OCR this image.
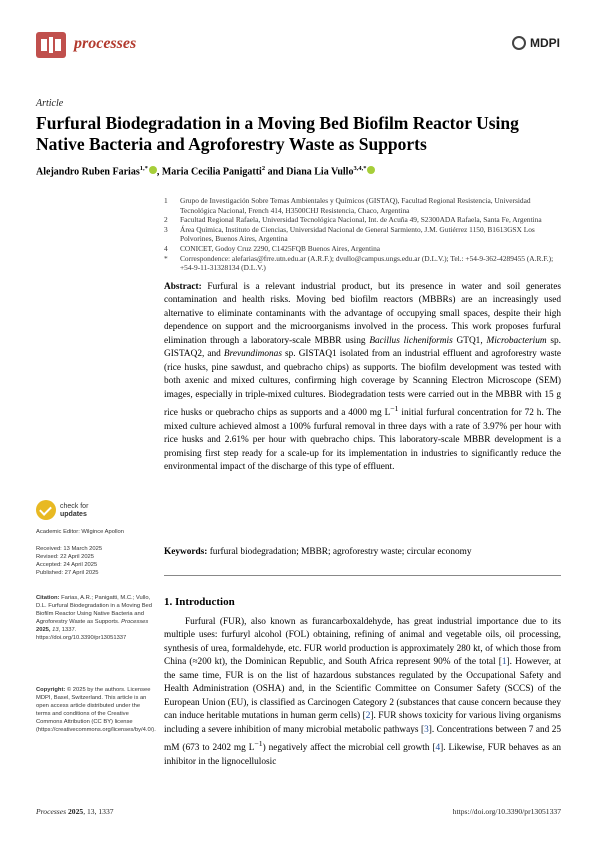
processes	MDPI
Article
Furfural Biodegradation in a Moving Bed Biofilm Reactor Using Native Bacteria and Agroforestry Waste as Supports
Alejandro Ruben Farias$^{1,*}$ , Maria Cecilia Panigatti$^2$ and Diana Lia Vullo$^{3,4,*}$
1 Grupo de Investigación Sobre Temas Ambientales y Químicos (GISTAQ), Facultad Regional Resistencia, Universidad Tecnológica Nacional, French 414, H3500CHJ Resistencia, Chaco, Argentina
2 Facultad Regional Rafaela, Universidad Tecnológica Nacional, Int. de Acuña 49, S2300ADA Rafaela, Santa Fe, Argentina
3 Área Química, Instituto de Ciencias, Universidad Nacional de General Sarmiento, J.M. Gutiérrez 1150, B1613GSX Los Polvorines, Buenos Aires, Argentina
4 CONICET, Godoy Cruz 2290, C1425FQB Buenos Aires, Argentina
* Correspondence: alefarias@frre.utn.edu.ar (A.R.F.); dvullo@campus.ungs.edu.ar (D.L.V.); Tel.: +54-9-362-4289455 (A.R.F.); +54-9-11-31328134 (D.L.V.)
Abstract: Furfural is a relevant industrial product, but its presence in water and soil generates contamination and health risks. Moving bed biofilm reactors (MBBRs) are an increasingly used alternative to eliminate contaminants with the advantage of occupying small spaces, despite their high dependence on support and the microorganisms involved in the process. This work proposes furfural elimination through a laboratory-scale MBBR using Bacillus licheniformis GTQ1, Microbacterium sp. GISTAQ2, and Brevundimonas sp. GISTAQ1 isolated from an industrial effluent and agroforestry waste (rice husks, pine sawdust, and quebracho chips) as supports. The biofilm development was tested with both axenic and mixed cultures, confirming high coverage by Scanning Electron Microscope (SEM) images, especially in triple-mixed cultures. Biodegradation tests were carried out in the MBBR with 15 g rice husks or quebracho chips as supports and a 4000 mg $L^{-1}$ initial furfural concentration for 72 h. The mixed culture achieved almost a 100% furfural removal in three days with a rate of 3.97% per hour with rice husks and 2.61% per hour with quebracho chips. This laboratory-scale MBBR development is a promising first step ready for a scale-up for its implementation in industries to significantly reduce the environmental impact of the discharge of this type of effluent.
Keywords: furfural biodegradation; MBBR; agroforestry waste; circular economy
check for
updates
Academic Editor: Wilgince Apollon
Received: 13 March 2025
Revised: 22 April 2025
Accepted: 24 April 2025
Published: 27 April 2025
Citation: Farias, A.R.; Panigatti, M.C.; Vullo, D.L. Furfural Biodegradation in a Moving Bed Biofilm Reactor Using Native Bacteria and Agroforestry Waste as Supports. Processes 2025, 13, 1337. https://doi.org/10.3390/pr13051337
Copyright: © 2025 by the authors. Licensee MDPI, Basel, Switzerland. This article is an open access article distributed under the terms and conditions of the Creative Commons Attribution (CC BY) license (https://creativecommons.org/licenses/by/4.0/).
1. Introduction

Furfural (FUR), also known as furancarboxaldehyde, has great industrial importance due to its multiple uses: furfuryl alcohol (FOL) obtaining, refining of animal and vegetable oils, oil processing, synthesis of urea, formaldehyde, etc. FUR world production is approximately 280 kt, of which those from China (≈200 kt), the Dominican Republic, and South Africa represent 90% of the total [1]. However, at the same time, FUR is on the list of hazardous substances regulated by the Occupational Safety and Health Administration (OSHA) and, in the Scientific Committee on Consumer Safety (SCCS) of the European Union (EU), is classified as Carcinogen Category 2 (substances that cause concern because they can induce heritable mutations in human germ cells) [2]. FUR shows toxicity for various living organisms including a severe inhibition of many microbial metabolic pathways [3]. Concentrations between 7 and 25 mM (673 to 2402 mg $L^{-1}$) negatively affect the microbial cell growth [4]. Likewise, FUR behaves as an inhibitor in the lignocellulosic

Processes 2025, 13, 1337	https://doi.org/10.3390/pr13051337
